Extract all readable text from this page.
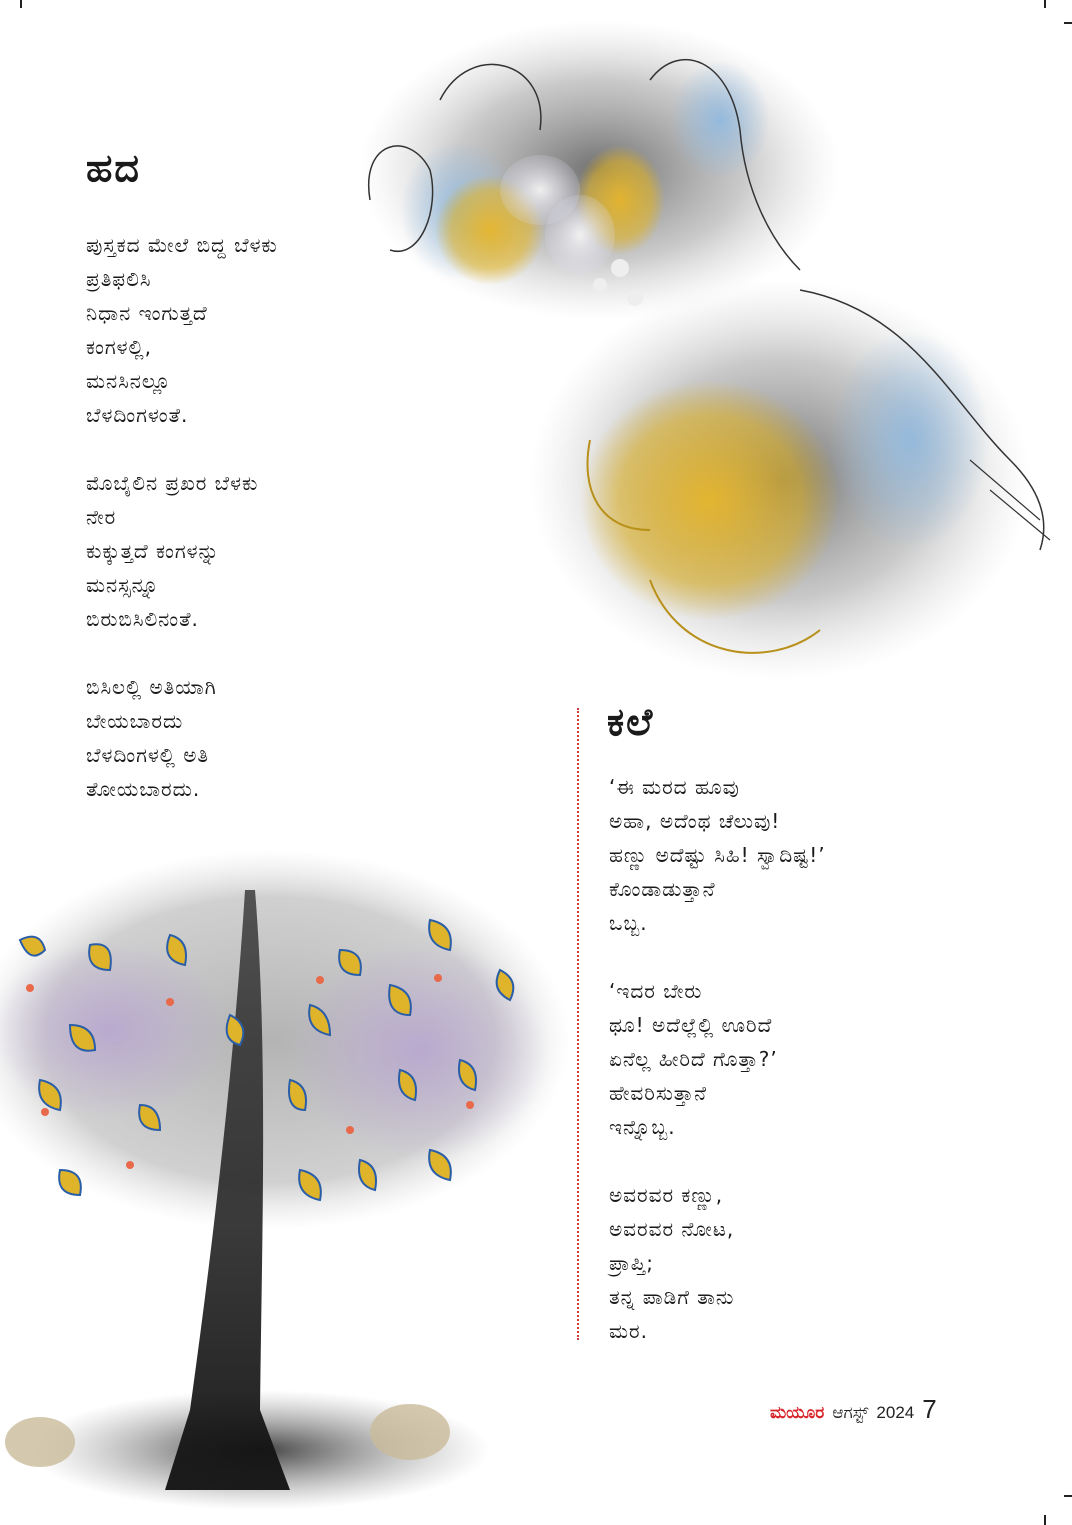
ಹದ
ಪುಸ್ತಕದ ಮೇಲೆ ಬಿದ್ದ ಬೆಳಕು
ಪ್ರತಿಫಲಿಸಿ
ನಿಧಾನ ಇಂಗುತ್ತದೆ
ಕಂಗಳಲ್ಲಿ,
ಮನಸಿನಲ್ಲೂ
ಬೆಳದಿಂಗಳಂತೆ.
ಮೊಬೈಲಿನ ಪ್ರಖರ ಬೆಳಕು
ನೇರ
ಕುಕ್ಕುತ್ತದೆ ಕಂಗಳನ್ನು
ಮನಸ್ಸನ್ನೂ
ಬಿರುಬಿಸಿಲಿನಂತೆ.
ಬಿಸಿಲಲ್ಲಿ ಅತಿಯಾಗಿ
ಬೇಯಬಾರದು
ಬೆಳದಿಂಗಳಲ್ಲಿ ಅತಿ
ತೋಯಬಾರದು.
ಕಲೆ
‘ಈ ಮರದ ಹೂವು
ಅಹಾ, ಅದೆಂಥ ಚೆಲುವು!
ಹಣ್ಣು ಅದೆಷ್ಟು ಸಿಹಿ! ಸ್ವಾದಿಷ್ಟ!’
ಕೊಂಡಾಡುತ್ತಾನೆ
ಒಬ್ಬ.
‘ಇದರ ಬೇರು
ಥೂ! ಅದೆಲ್ಲೆಲ್ಲಿ ಊರಿದೆ
ಏನೆಲ್ಲ ಹೀರಿದೆ ಗೊತ್ತಾ?’
ಹೇವರಿಸುತ್ತಾನೆ
ಇನ್ನೊಬ್ಬ.
ಅವರವರ ಕಣ್ಣು,
ಅವರವರ ನೋಟ,
ಪ್ರಾಪ್ತಿ;
ತನ್ನ ಪಾಡಿಗೆ ತಾನು
ಮರ.
ಮಯೂರ ಆಗಸ್ಟ್ 2024 7
